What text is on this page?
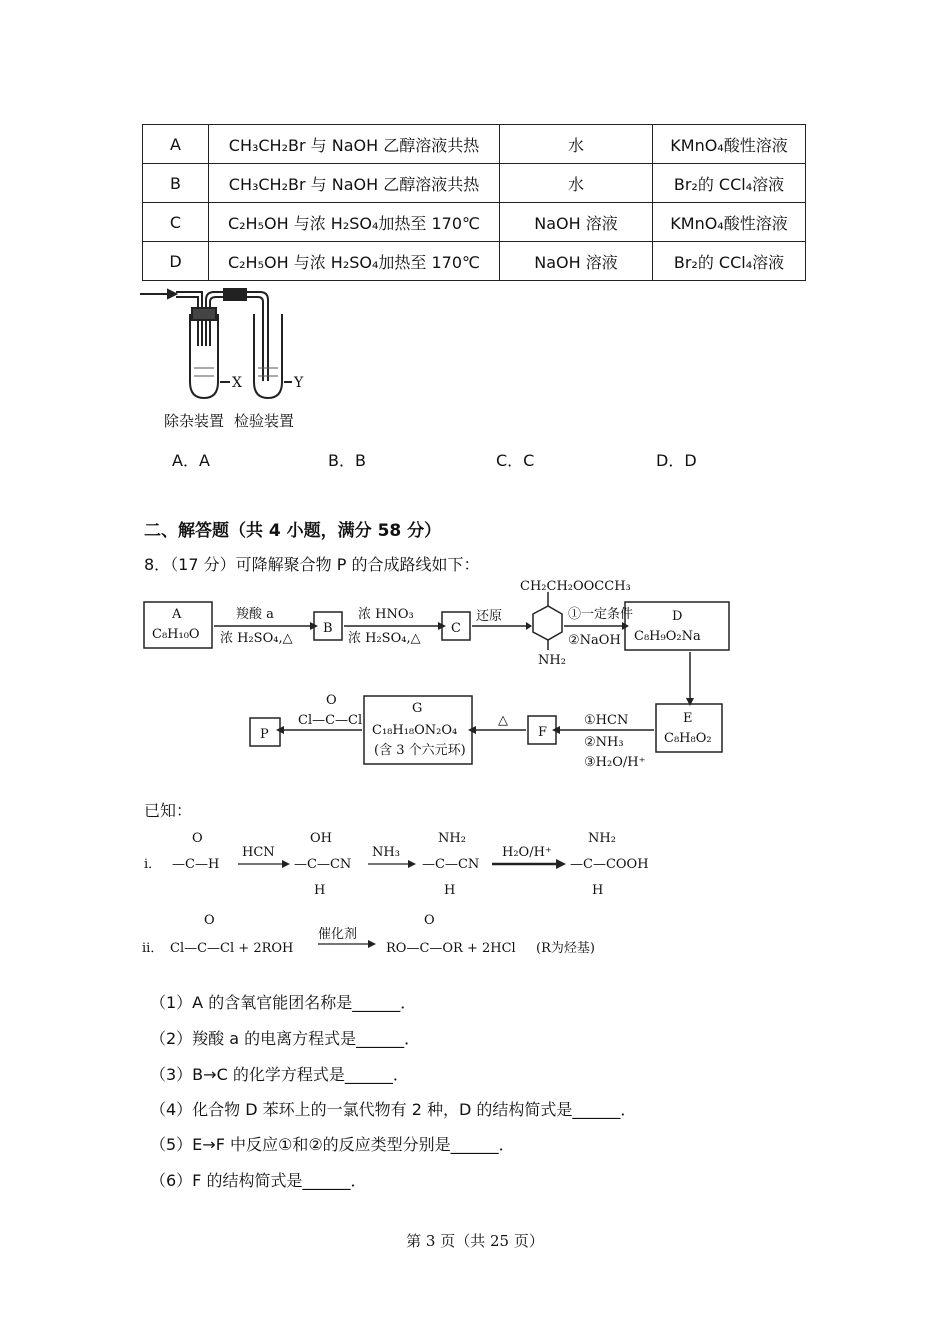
A	CH₃CH₂Br 与 NaOH 乙醇溶液共热	水	KMnO₄酸性溶液
B	CH₃CH₂Br 与 NaOH 乙醇溶液共热	水	Br₂的 CCl₄溶液
C	C₂H₅OH 与浓 H₂SO₄加热至 170℃	NaOH 溶液	KMnO₄酸性溶液
D	C₂H₅OH 与浓 H₂SO₄加热至 170℃	NaOH 溶液	Br₂的 CCl₄溶液
X	Y
除杂装置 检验装置
A．A	B．B	C．C	D．D
二、解答题（共 4 小题，满分 58 分）
8．（17 分）可降解聚合物 P 的合成路线如下：
A
C₈H₁₀O
羧酸 a
浓 H₂SO₄,△
B
浓 HNO₃
浓 H₂SO₄,△
C
还原
CH₂CH₂OOCCH₃
NH₂
①一定条件
②NaOH
D
C₈H₉O₂Na
E
C₈H₈O₂
①HCN
②NH₃
③H₂O/H⁺
F
△
G
C₁₈H₁₈ON₂O₄
(含 3 个六元环)
O
Cl—C—Cl
P
已知：
i．
O
—C—H
HCN
OH
—C—CN
H
NH₃
NH₂
—C—CN
H
H₂O/H⁺
NH₂
—C—COOH
H
ii．
O
Cl—C—Cl + 2ROH
催化剂
O
RO—C—OR + 2HCl (R为烃基)
（1）A 的含氧官能团名称是______．
（2）羧酸 a 的电离方程式是______．
（3）B→C 的化学方程式是______．
（4）化合物 D 苯环上的一氯代物有 2 种，D 的结构简式是______．
（5）E→F 中反应①和②的反应类型分别是______．
（6）F 的结构简式是______．
第 3 页（共 25 页）
